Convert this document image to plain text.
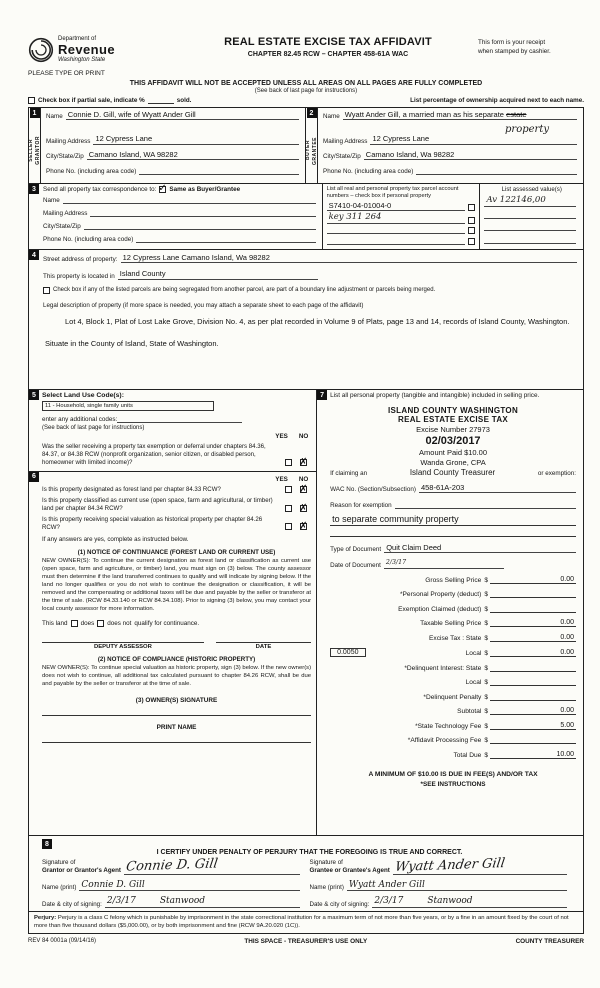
Department of
Revenue
Washington State
PLEASE TYPE OR PRINT
REAL ESTATE EXCISE TAX AFFIDAVIT
CHAPTER 82.45 RCW – CHAPTER 458-61A WAC
This form is your receipt
when stamped by cashier.
THIS AFFIDAVIT WILL NOT BE ACCEPTED UNLESS ALL AREAS ON ALL PAGES ARE FULLY COMPLETED
(See back of last page for instructions)
Check box if partial sale, indicate %	sold.	List percentage of ownership acquired next to each name.
1
SELLER GRANTOR
Name Connie D. Gill, wife of Wyatt Ander Gill
Mailing Address 12 Cypress Lane
City/State/Zip Camano Island, WA 98282
Phone No. (including area code)
2
BUYER GRANTEE
Name Wyatt Ander Gill, a married man as his separate estate
Mailing Address 12 Cypress Lane
City/State/Zip Camano Island, Wa 98282
Phone No. (including area code)
property
3	Send all property tax correspondence to: ✓ Same as Buyer/Grantee
Name
Mailing Address
City/State/Zip
Phone No. (including area code)
List all real and personal property tax parcel account numbers – check box if personal property
S7410-04-01004-0
key 311 264
List assessed value(s)
Av 122146,00
4
Street address of property: 12 Cypress Lane Camano Island, Wa 98282
This property is located in Island County
Check box if any of the listed parcels are being segregated from another parcel, are part of a boundary line adjustment or parcels being merged.
Legal description of property (if more space is needed, you may attach a separate sheet to each page of the affidavit)
Lot 4, Block 1, Plat of Lost Lake Grove, Division No. 4, as per plat recorded in Volume 9 of Plats, page 13 and 14, records of Island County, Washington.
Situate in the County of Island, State of Washington.
5 Select Land Use Code(s):
11 - Household, single family units
enter any additional codes:
(See back of last page for instructions)
YES	NO
Was the seller receiving a property tax exemption or deferral under chapters 84.36, 84.37, or 84.38 RCW (nonprofit organization, senior citizen, or disabled person, homeowner with limited income)?	✗
6	YES	NO
Is this property designated as forest land per chapter 84.33 RCW?	✗
Is this property classified as current use (open space, farm and agricultural, or timber) land per chapter 84.34 RCW?	✗
Is this property receiving special valuation as historical property per chapter 84.26 RCW?	✗
If any answers are yes, complete as instructed below.
(1) NOTICE OF CONTINUANCE (FOREST LAND OR CURRENT USE)
NEW OWNER(S): To continue the current designation as forest land or classification as current use (open space, farm and agriculture, or timber) land, you must sign on (3) below. The county assessor must then determine if the land transferred continues to qualify and will indicate by signing below. If the land no longer qualifies or you do not wish to continue the designation or classification, it will be removed and the compensating or additional taxes will be due and payable by the seller or transferor at the time of sale. (RCW 84.33.140 or RCW 84.34.108). Prior to signing (3) below, you may contact your local county assessor for more information.
This land does does not qualify for continuance.
DEPUTY ASSESSOR	DATE
(2) NOTICE OF COMPLIANCE (HISTORIC PROPERTY)
NEW OWNER(S): To continue special valuation as historic property, sign (3) below. If the new owner(s) does not wish to continue, all additional tax calculated pursuant to chapter 84.26 RCW, shall be due and payable by the seller or transferor at the time of sale.
(3) OWNER(S) SIGNATURE
PRINT NAME
7 List all personal property (tangible and intangible) included in selling price.
ISLAND COUNTY WASHINGTON
REAL ESTATE EXCISE TAX
Excise Number 27973
02/03/2017
Amount Paid $10.00
Wanda Grone, CPA
If claiming an	Island County Treasurer	or exemption:
WAC No. (Section/Subsection) 458-61A-203
Reason for exemption
to separate community property
Type of Document Quit Claim Deed
Date of Document 2/3/17
Gross Selling Price $	0.00
*Personal Property (deduct) $
Exemption Claimed (deduct) $
Taxable Selling Price $	0.00
Excise Tax : State $	0.00
0.0050	Local $	0.00
*Delinquent Interest: State $
Local $
*Delinquent Penalty $
Subtotal $	0.00
*State Technology Fee $	5.00
*Affidavit Processing Fee $
Total Due $	10.00
A MINIMUM OF $10.00 IS DUE IN FEE(S) AND/OR TAX
*SEE INSTRUCTIONS
8
I CERTIFY UNDER PENALTY OF PERJURY THAT THE FOREGOING IS TRUE AND CORRECT.
Signature of
Grantor or Grantor's Agent Connie D. Gill
Name (print) Connie D. Gill
Date & city of signing: 2/3/17	Stanwood
Signature of
Grantee or Grantee's Agent Wyatt Ander Gill
Name (print) Wyatt Ander Gill
Date & city of signing: 2/3/17	Stanwood
Perjury: Perjury is a class C felony which is punishable by imprisonment in the state correctional institution for a maximum term of not more than five years, or by a fine in an amount fixed by the court of not more than five thousand dollars ($5,000.00), or by both imprisonment and fine (RCW 9A.20.020 (1C)).
REV 84 0001a (09/14/16)	THIS SPACE - TREASURER'S USE ONLY	COUNTY TREASURER
